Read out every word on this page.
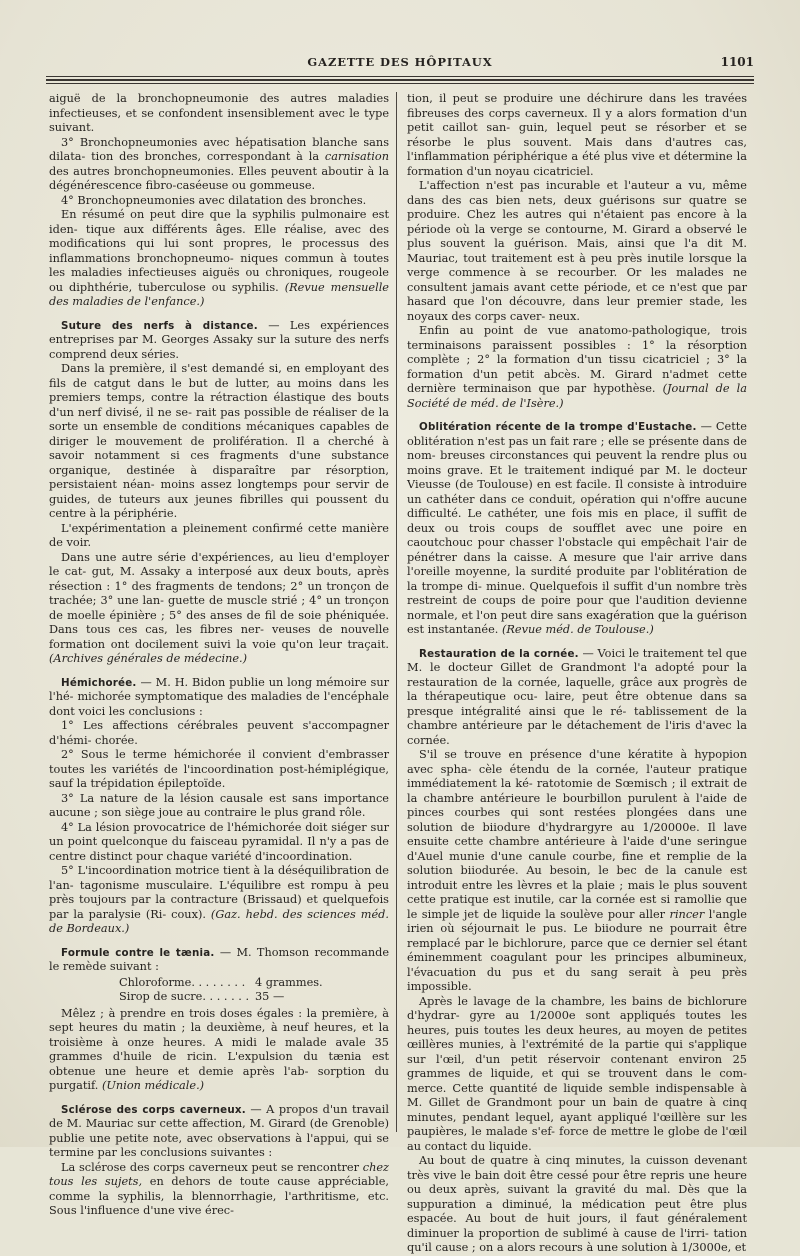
GAZETTE DES HÔPITAUX	1101

aiguë de la bronchopneumonie des autres maladies infectieuses, et se confondent insensiblement avec le type suivant.

3° Bronchopneumonies avec hépatisation blanche sans dilata- tion des bronches, correspondant à la carnisation des autres bronchopneumonies. Elles peuvent aboutir à la dégénérescence fibro-caséeuse ou gommeuse.

4° Bronchopneumonies avec dilatation des bronches.

En résumé on peut dire que la syphilis pulmonaire est iden- tique aux différents âges. Elle réalise, avec des modifications qui lui sont propres, le processus des inflammations bronchopneumo- niques commun à toutes les maladies infectieuses aiguës ou chroniques, rougeole ou diphthérie, tuberculose ou syphilis. (Revue mensuelle des maladies de l'enfance.)

Suture des nerfs à distance. — Les expériences entreprises par M. Georges Assaky sur la suture des nerfs comprend deux séries.

Dans la première, il s'est demandé si, en employant des fils de catgut dans le but de lutter, au moins dans les premiers temps, contre la rétraction élastique des bouts d'un nerf divisé, il ne se- rait pas possible de réaliser de la sorte un ensemble de conditions mécaniques capables de diriger le mouvement de prolifération. Il a cherché à savoir notamment si ces fragments d'une substance organique, destinée à disparaître par résorption, persistaient néan- moins assez longtemps pour servir de guides, de tuteurs aux jeunes fibrilles qui poussent du centre à la périphérie.

L'expérimentation a pleinement confirmé cette manière de voir.

Dans une autre série d'expériences, au lieu d'employer le cat- gut, M. Assaky a interposé aux deux bouts, après résection : 1° des fragments de tendons; 2° un tronçon de trachée; 3° une lan- guette de muscle strié ; 4° un tronçon de moelle épinière ; 5° des anses de fil de soie phéniquée. Dans tous ces cas, les fibres ner- veuses de nouvelle formation ont docilement suivi la voie qu'on leur traçait. (Archives générales de médecine.)

Hémichorée. — M. H. Bidon publie un long mémoire sur l'hé- michorée symptomatique des maladies de l'encéphale dont voici les conclusions :

1° Les affections cérébrales peuvent s'accompagner d'hémi- chorée.

2° Sous le terme hémichorée il convient d'embrasser toutes les variétés de l'incoordination post-hémiplégique, sauf la trépidation épileptoïde.

3° La nature de la lésion causale est sans importance aucune ; son siège joue au contraire le plus grand rôle.

4° La lésion provocatrice de l'hémichorée doit siéger sur un point quelconque du faisceau pyramidal. Il n'y a pas de centre distinct pour chaque variété d'incoordination.

5° L'incoordination motrice tient à la déséquilibration de l'an- tagonisme musculaire. L'équilibre est rompu à peu près toujours par la contracture (Brissaud) et quelquefois par la paralysie (Ri- coux). (Gaz. hebd. des sciences méd. de Bordeaux.)

Formule contre le tænia. — M. Thomson recommande le remède suivant :

Chloroforme. . . . . . . . 4 grammes.
Sirop de sucre. . . . . . . 35 —

Mêlez ; à prendre en trois doses égales : la première, à sept heures du matin ; la deuxième, à neuf heures, et la troisième à onze heures. A midi le malade avale 35 grammes d'huile de ricin. L'expulsion du tænia est obtenue une heure et demie après l'ab- sorption du purgatif. (Union médicale.)

Sclérose des corps caverneux. — A propos d'un travail de M. Mauriac sur cette affection, M. Girard (de Grenoble) publie une petite note, avec observations à l'appui, qui se termine par les conclusions suivantes :

La sclérose des corps caverneux peut se rencontrer chez tous les sujets, en dehors de toute cause appréciable, comme la syphilis, la blennorrhagie, l'arthritisme, etc. Sous l'influence d'une vive érec-

tion, il peut se produire une déchirure dans les travées fibreuses des corps caverneux. Il y a alors formation d'un petit caillot san- guin, lequel peut se résorber et se résorbe le plus souvent. Mais dans d'autres cas, l'inflammation périphérique a été plus vive et détermine la formation d'un noyau cicatriciel.

L'affection n'est pas incurable et l'auteur a vu, même dans des cas bien nets, deux guérisons sur quatre se produire. Chez les autres qui n'étaient pas encore à la période où la verge se contourne, M. Girard a observé le plus souvent la guérison. Mais, ainsi que l'a dit M. Mauriac, tout traitement est à peu près inutile lorsque la verge commence à se recourber. Or les malades ne consultent jamais avant cette période, et ce n'est que par hasard que l'on découvre, dans leur premier stade, les noyaux des corps caver- neux.

Enfin au point de vue anatomo-pathologique, trois terminaisons paraissent possibles : 1° la résorption complète ; 2° la formation d'un tissu cicatriciel ; 3° la formation d'un petit abcès. M. Girard n'admet cette dernière terminaison que par hypothèse. (Journal de la Société de méd. de l'Isère.)

Oblitération récente de la trompe d'Eustache. — Cette oblitération n'est pas un fait rare ; elle se présente dans de nom- breuses circonstances qui peuvent la rendre plus ou moins grave. Et le traitement indiqué par M. le docteur Vieusse (de Toulouse) en est facile. Il consiste à introduire un cathéter dans ce conduit, opération qui n'offre aucune difficulté. Le cathéter, une fois mis en place, il suffit de deux ou trois coups de soufflet avec une poire en caoutchouc pour chasser l'obstacle qui empêchait l'air de pénétrer dans la caisse. A mesure que l'air arrive dans l'oreille moyenne, la surdité produite par l'oblitération de la trompe di- minue. Quelquefois il suffit d'un nombre très restreint de coups de poire pour que l'audition devienne normale, et l'on peut dire sans exagération que la guérison est instantanée. (Revue méd. de Toulouse.)

Restauration de la cornée. — Voici le traitement tel que M. le docteur Gillet de Grandmont l'a adopté pour la restauration de la cornée, laquelle, grâce aux progrès de la thérapeutique ocu- laire, peut être obtenue dans sa presque intégralité ainsi que le ré- tablissement de la chambre antérieure par le détachement de l'iris d'avec la cornée.

S'il se trouve en présence d'une kératite à hypopion avec spha- cèle étendu de la cornée, l'auteur pratique immédiatement la ké- ratotomie de Sœmisch ; il extrait de la chambre antérieure le bourbillon purulent à l'aide de pinces courbes qui sont restées plongées dans une solution de biiodure d'hydrargyre au 1/20000e. Il lave ensuite cette chambre antérieure à l'aide d'une seringue d'Auel munie d'une canule courbe, fine et remplie de la solution biiodurée. Au besoin, le bec de la canule est introduit entre les lèvres et la plaie ; mais le plus souvent cette pratique est inutile, car la cornée est si ramollie que le simple jet de liquide la soulève pour aller rincer l'angle irien où séjournait le pus. Le biiodure ne pourrait être remplacé par le bichlorure, parce que ce dernier sel étant éminemment coagulant pour les principes albumineux, l'évacuation du pus et du sang serait à peu près impossible.

Après le lavage de la chambre, les bains de bichlorure d'hydrar- gyre au 1/2000e sont appliqués toutes les heures, puis toutes les deux heures, au moyen de petites œillères munies, à l'extrémité de la partie qui s'applique sur l'œil, d'un petit réservoir contenant environ 25 grammes de liquide, et qui se trouvent dans le com- merce. Cette quantité de liquide semble indispensable à M. Gillet de Grandmont pour un bain de quatre à cinq minutes, pendant lequel, ayant appliqué l'œillère sur les paupières, le malade s'ef- force de mettre le globe de l'œil au contact du liquide.

Au bout de quatre à cinq minutes, la cuisson devenant très vive le bain doit être cessé pour être repris une heure ou deux après, suivant la gravité du mal. Dès que la suppuration a diminué, la médication peut être plus espacée. Au bout de huit jours, il faut généralement diminuer la proportion de sublimé à cause de l'irri- tation qu'il cause ; on a alors recours à une solution à 1/3000e, et
